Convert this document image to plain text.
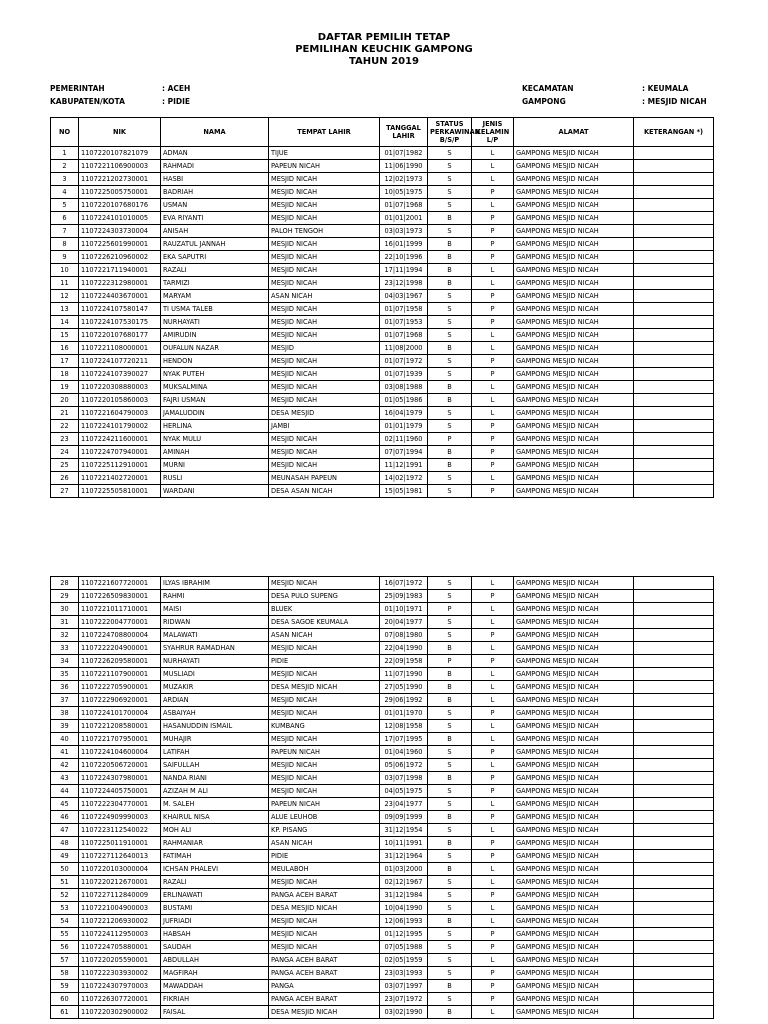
DAFTAR PEMILIH TETAP
PEMILIHAN KEUCHIK GAMPONG
TAHUN 2019
PEMERINTAH	: ACEH
KABUPATEN/KOTA	: PIDIE
KECAMATAN	: KEUMALA
GAMPONG	: MESJID NICAH
NO	NIK	NAMA	TEMPAT LAHIR	TANGGAL LAHIR	STATUS PERKAWINAN B/S/P	JENIS KELAMIN L/P	ALAMAT	KETERANGAN *)
1	1107220107821079	ADMAN	TIJUE	01|07|1982	S	L	GAMPONG MESJID NICAH	
2	1107221106900003	RAHMADI	PAPEUN NICAH	11|06|1990	S	L	GAMPONG MESJID NICAH	
3	1107221202730001	HASBI	MESJID NICAH	12|02|1973	S	L	GAMPONG MESJID NICAH	
4	1107225005750001	BADRIAH	MESJID NICAH	10|05|1975	S	P	GAMPONG MESJID NICAH	
5	1107220107680176	USMAN	MESJID NICAH	01|07|1968	S	L	GAMPONG MESJID NICAH	
6	1107224101010005	EVA RIYANTI	MESJID NICAH	01|01|2001	B	P	GAMPONG MESJID NICAH	
7	1107224303730004	ANISAH	PALOH TENGOH	03|03|1973	S	P	GAMPONG MESJID NICAH	
8	1107225601990001	RAUZATUL JANNAH	MESJID NICAH	16|01|1999	B	P	GAMPONG MESJID NICAH	
9	1107226210960002	EKA SAPUTRI	MESJID NICAH	22|10|1996	B	P	GAMPONG MESJID NICAH	
10	1107221711940001	RAZALI	MESJID NICAH	17|11|1994	B	L	GAMPONG MESJID NICAH	
11	1107222312980001	TARMIZI	MESJID NICAH	23|12|1998	B	L	GAMPONG MESJID NICAH	
12	1107224403670001	MARYAM	ASAN NICAH	04|03|1967	S	P	GAMPONG MESJID NICAH	
13	1107224107580147	TI USMA TALEB	MESJID NICAH	01|07|1958	S	P	GAMPONG MESJID NICAH	
14	1107224107530175	NURHAYATI	MESJID NICAH	01|07|1953	S	P	GAMPONG MESJID NICAH	
15	1107220107680177	AMIRUDIN	MESJID NICAH	01|07|1968	S	L	GAMPONG MESJID NICAH	
16	1107221108000001	OUFALUN NAZAR	MESJID	11|08|2000	B	L	GAMPONG MESJID NICAH	
17	1107224107720211	HENDON	MESJID NICAH	01|07|1972	S	P	GAMPONG MESJID NICAH	
18	1107224107390027	NYAK PUTEH	MESJID NICAH	01|07|1939	S	P	GAMPONG MESJID NICAH	
19	1107220308880003	MUKSALMINA	MESJID NICAH	03|08|1988	B	L	GAMPONG MESJID NICAH	
20	1107220105860003	FAJRI USMAN	MESJID NICAH	01|05|1986	B	L	GAMPONG MESJID NICAH	
21	1107221604790003	JAMALUDDIN	DESA MESJID	16|04|1979	S	L	GAMPONG MESJID NICAH	
22	1107224101790002	HERLINA	JAMBI	01|01|1979	S	P	GAMPONG MESJID NICAH	
23	1107224211600001	NYAK MULU	MESJID NICAH	02|11|1960	P	P	GAMPONG MESJID NICAH	
24	1107224707940001	AMINAH	MESJID NICAH	07|07|1994	B	P	GAMPONG MESJID NICAH	
25	1107225112910001	MURNI	MESJID NICAH	11|12|1991	B	P	GAMPONG MESJID NICAH	
26	1107221402720001	RUSLI	MEUNASAH PAPEUN	14|02|1972	S	L	GAMPONG MESJID NICAH	
27	1107225505810001	WARDANI	DESA ASAN NICAH	15|05|1981	S	P	GAMPONG MESJID NICAH	
28	1107221607720001	ILYAS IBRAHIM	MESJID NICAH	16|07|1972	S	L	GAMPONG MESJID NICAH	
29	1107226509830001	RAHMI	DESA PULO SUPENG	25|09|1983	S	P	GAMPONG MESJID NICAH	
30	1107221011710001	MAISI	BLUEK	01|10|1971	P	L	GAMPONG MESJID NICAH	
31	1107222004770001	RIDWAN	DESA SAGOE KEUMALA	20|04|1977	S	L	GAMPONG MESJID NICAH	
32	1107224708800004	MALAWATI	ASAN NICAH	07|08|1980	S	P	GAMPONG MESJID NICAH	
33	1107222204900001	SYAHRUR RAMADHAN	MESJID NICAH	22|04|1990	B	L	GAMPONG MESJID NICAH	
34	1107226209580001	NURHAYATI	PIDIE	22|09|1958	P	P	GAMPONG MESJID NICAH	
35	1107221107900001	MUSLIADI	MESJID NICAH	11|07|1990	B	L	GAMPONG MESJID NICAH	
36	1107222705900001	MUZAKIR	DESA MESJID NICAH	27|05|1990	B	L	GAMPONG MESJID NICAH	
37	1107222906920001	ARDIAN	MESJID NICAH	29|06|1992	B	L	GAMPONG MESJID NICAH	
38	1107224101700004	ASBAIYAH	MESJID NICAH	01|01|1970	S	P	GAMPONG MESJID NICAH	
39	1107221208580001	HASANUDDIN ISMAIL	KUMBANG	12|08|1958	S	L	GAMPONG MESJID NICAH	
40	1107221707950001	MUHAJIR	MESJID NICAH	17|07|1995	B	L	GAMPONG MESJID NICAH	
41	1107224104600004	LATIFAH	PAPEUN NICAH	01|04|1960	S	P	GAMPONG MESJID NICAH	
42	1107220506720001	SAIFULLAH	MESJID NICAH	05|06|1972	S	L	GAMPONG MESJID NICAH	
43	1107224307980001	NANDA RIANI	MESJID NICAH	03|07|1998	B	P	GAMPONG MESJID NICAH	
44	1107224405750001	AZIZAH M ALI	MESJID NICAH	04|05|1975	S	P	GAMPONG MESJID NICAH	
45	1107222304770001	M. SALEH	PAPEUN NICAH	23|04|1977	S	L	GAMPONG MESJID NICAH	
46	1107224909990003	KHAIRUL NISA	ALUE LEUHOB	09|09|1999	B	P	GAMPONG MESJID NICAH	
47	1107223112540022	MOH ALI	KP. PISANG	31|12|1954	S	L	GAMPONG MESJID NICAH	
48	1107225011910001	RAHMANIAR	ASAN NICAH	10|11|1991	B	P	GAMPONG MESJID NICAH	
49	1107227112640013	FATIMAH	PIDIE	31|12|1964	S	P	GAMPONG MESJID NICAH	
50	1107220103000004	ICHSAN PHALEVI	MEULABOH	01|03|2000	B	L	GAMPONG MESJID NICAH	
51	1107220212670001	RAZALI	MESJID NICAH	02|12|1967	S	L	GAMPONG MESJID NICAH	
52	1107227112840009	ERLINAWATI	PANGA ACEH BARAT	31|12|1984	S	P	GAMPONG MESJID NICAH	
53	1107221004900003	BUSTAMI	DESA MESJID NICAH	10|04|1990	S	L	GAMPONG MESJID NICAH	
54	1107221206930002	JUFRIADI	MESJID NICAH	12|06|1993	B	L	GAMPONG MESJID NICAH	
55	1107224112950003	HABSAH	MESJID NICAH	01|12|1995	S	P	GAMPONG MESJID NICAH	
56	1107224705880001	SAUDAH	MESJID NICAH	07|05|1988	S	P	GAMPONG MESJID NICAH	
57	1107220205590001	ABDULLAH	PANGA ACEH BARAT	02|05|1959	S	L	GAMPONG MESJID NICAH	
58	1107222303930002	MAGFIRAH	PANGA ACEH BARAT	23|03|1993	S	P	GAMPONG MESJID NICAH	
59	1107224307970003	MAWADDAH	PANGA	03|07|1997	B	P	GAMPONG MESJID NICAH	
60	1107226307720001	FIKRIAH	PANGA ACEH BARAT	23|07|1972	S	P	GAMPONG MESJID NICAH	
61	1107220302900002	FAISAL	DESA MESJID NICAH	03|02|1990	B	L	GAMPONG MESJID NICAH	
